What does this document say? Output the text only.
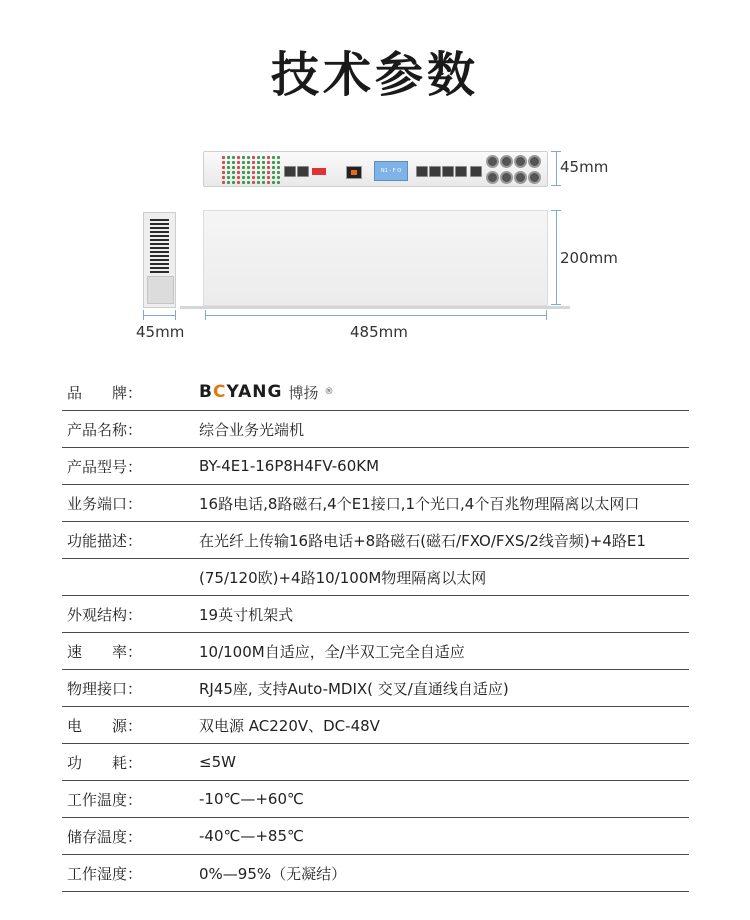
技术参数
N1 - F O	45mm
200mm
45mm	485mm
品　　牌：	BCYANG 博扬 ®
产品名称：	综合业务光端机
产品型号：	BY-4E1-16P8H4FV-60KM
业务端口：	16路电话,8路磁石,4个E1接口,1个光口,4个百兆物理隔离以太网口
功能描述：	在光纤上传输16路电话+8路磁石(磁石/FXO/FXS/2线音频)+4路E1
(75/120欧)+4路10/100M物理隔离以太网
外观结构：	19英寸机架式
速　　率：	10/100M自适应，全/半双工完全自适应
物理接口：	RJ45座, 支持Auto-MDIX( 交叉/直通线自适应)
电　　源：	双电源 AC220V、DC-48V
功　　耗：	≤5W
工作温度：	-10℃—+60℃
储存温度：	-40℃—+85℃
工作湿度：	0%—95%（无凝结）
